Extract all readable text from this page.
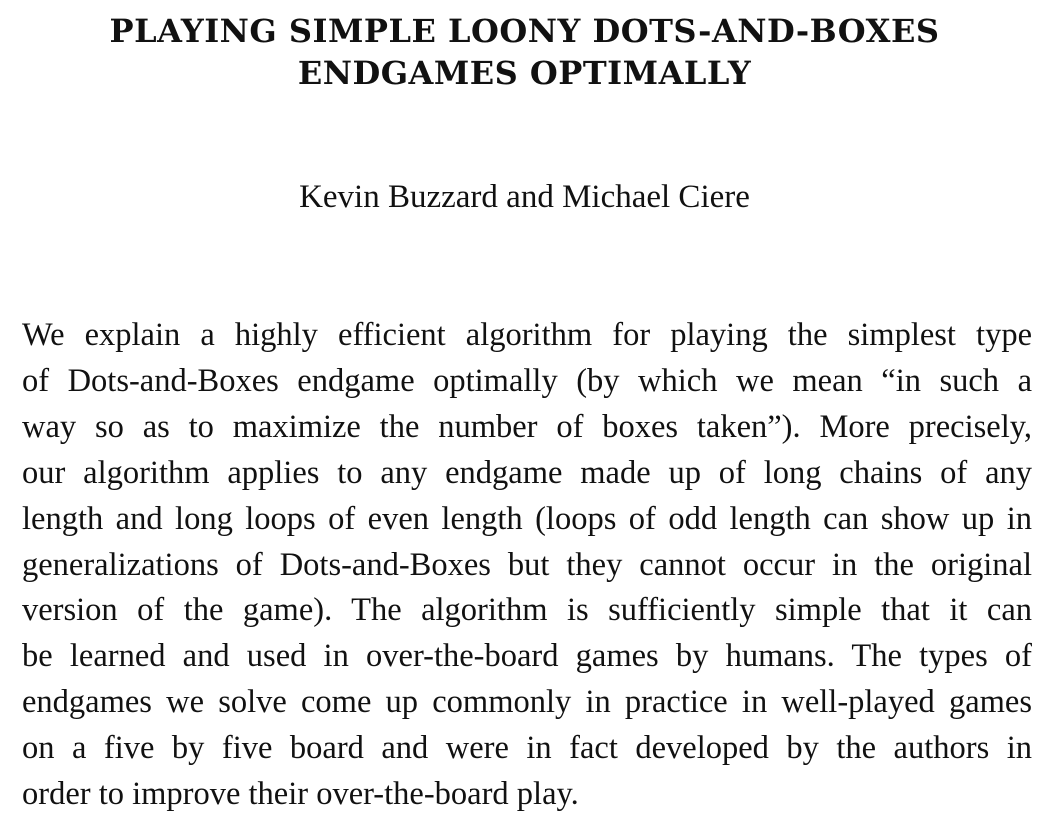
PLAYING SIMPLE LOONY DOTS-AND-BOXES
ENDGAMES OPTIMALLY

Kevin Buzzard and Michael Ciere

We explain a highly efficient algorithm for playing the simplest type
of Dots-and-Boxes endgame optimally (by which we mean “in such a
way so as to maximize the number of boxes taken”). More precisely,
our algorithm applies to any endgame made up of long chains of any
length and long loops of even length (loops of odd length can show up in
generalizations of Dots-and-Boxes but they cannot occur in the original
version of the game). The algorithm is sufficiently simple that it can
be learned and used in over-the-board games by humans. The types of
endgames we solve come up commonly in practice in well-played games
on a five by five board and were in fact developed by the authors in
order to improve their over-the-board play.
